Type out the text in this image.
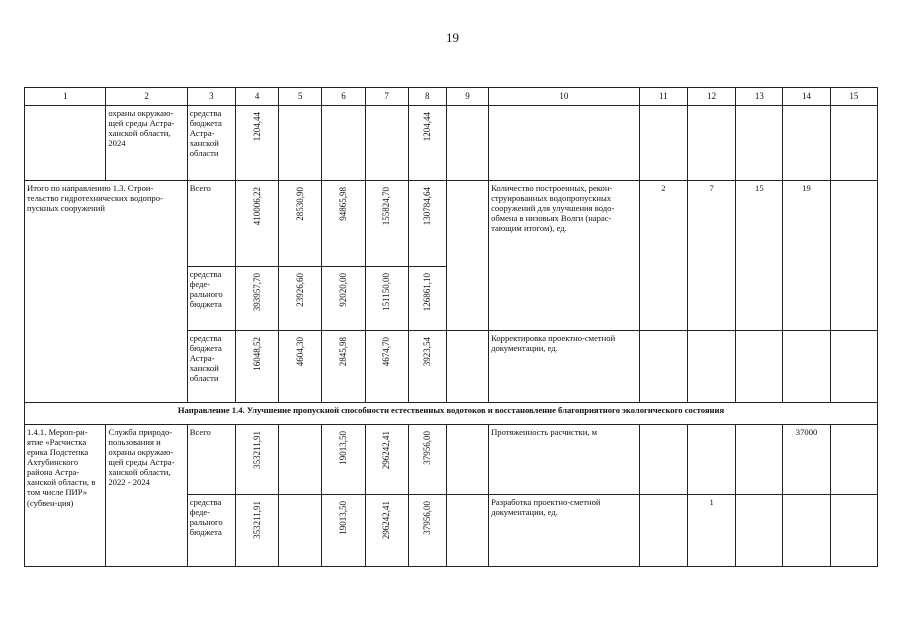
19
1	2	3	4	5	6	7	8	9	10	11	12	13	14	15
	охраны окружаю-щей среды Астра-ханской области, 2024	средства бюджета Астра-ханской области	1204,44				1204,44							
Итого по направлению 1.3. Строи-тельство гидротехнических водопро-пускных сооружений		Всего	410006,22	28530,90	94865,98	155824,70	130784,64		Количество построенных, рекон-струированных водопропускных сооружений для улучшения водо-обмена в низовьях Волги (нараc-тающим итогом), ед.	2	7	15	19	
		средства феде-рального бюджета	393957,70	23926,60	92020,00	151150,00	126861,10							
		средства бюджета Астра-ханской области	16048,52	4604,30	2845,98	4674,70	3923,54		Корректировка проектно-сметной документации, ед.					
Направление 1.4. Улучшение пропускной способности естественных водотоков и восстановление благоприятного экологического состояния														
1.4.1. Мероп-ри-ятие «Расчистка ерика Подстепка Ахтубинского района Астра-ханской области, в том числе ПИР» (субвен-ция)	Служба природо-пользования и охраны окружаю-щей среды Астра-ханской области, 2022 - 2024	Всего	353211,91		19013,50	296242,41	37956,00		Протяженность расчистки, м				37000	
		средства феде-рального бюджета	353211,91		19013,50	296242,41	37956,00		Разработка проектно-сметной документации, ед.		1			
